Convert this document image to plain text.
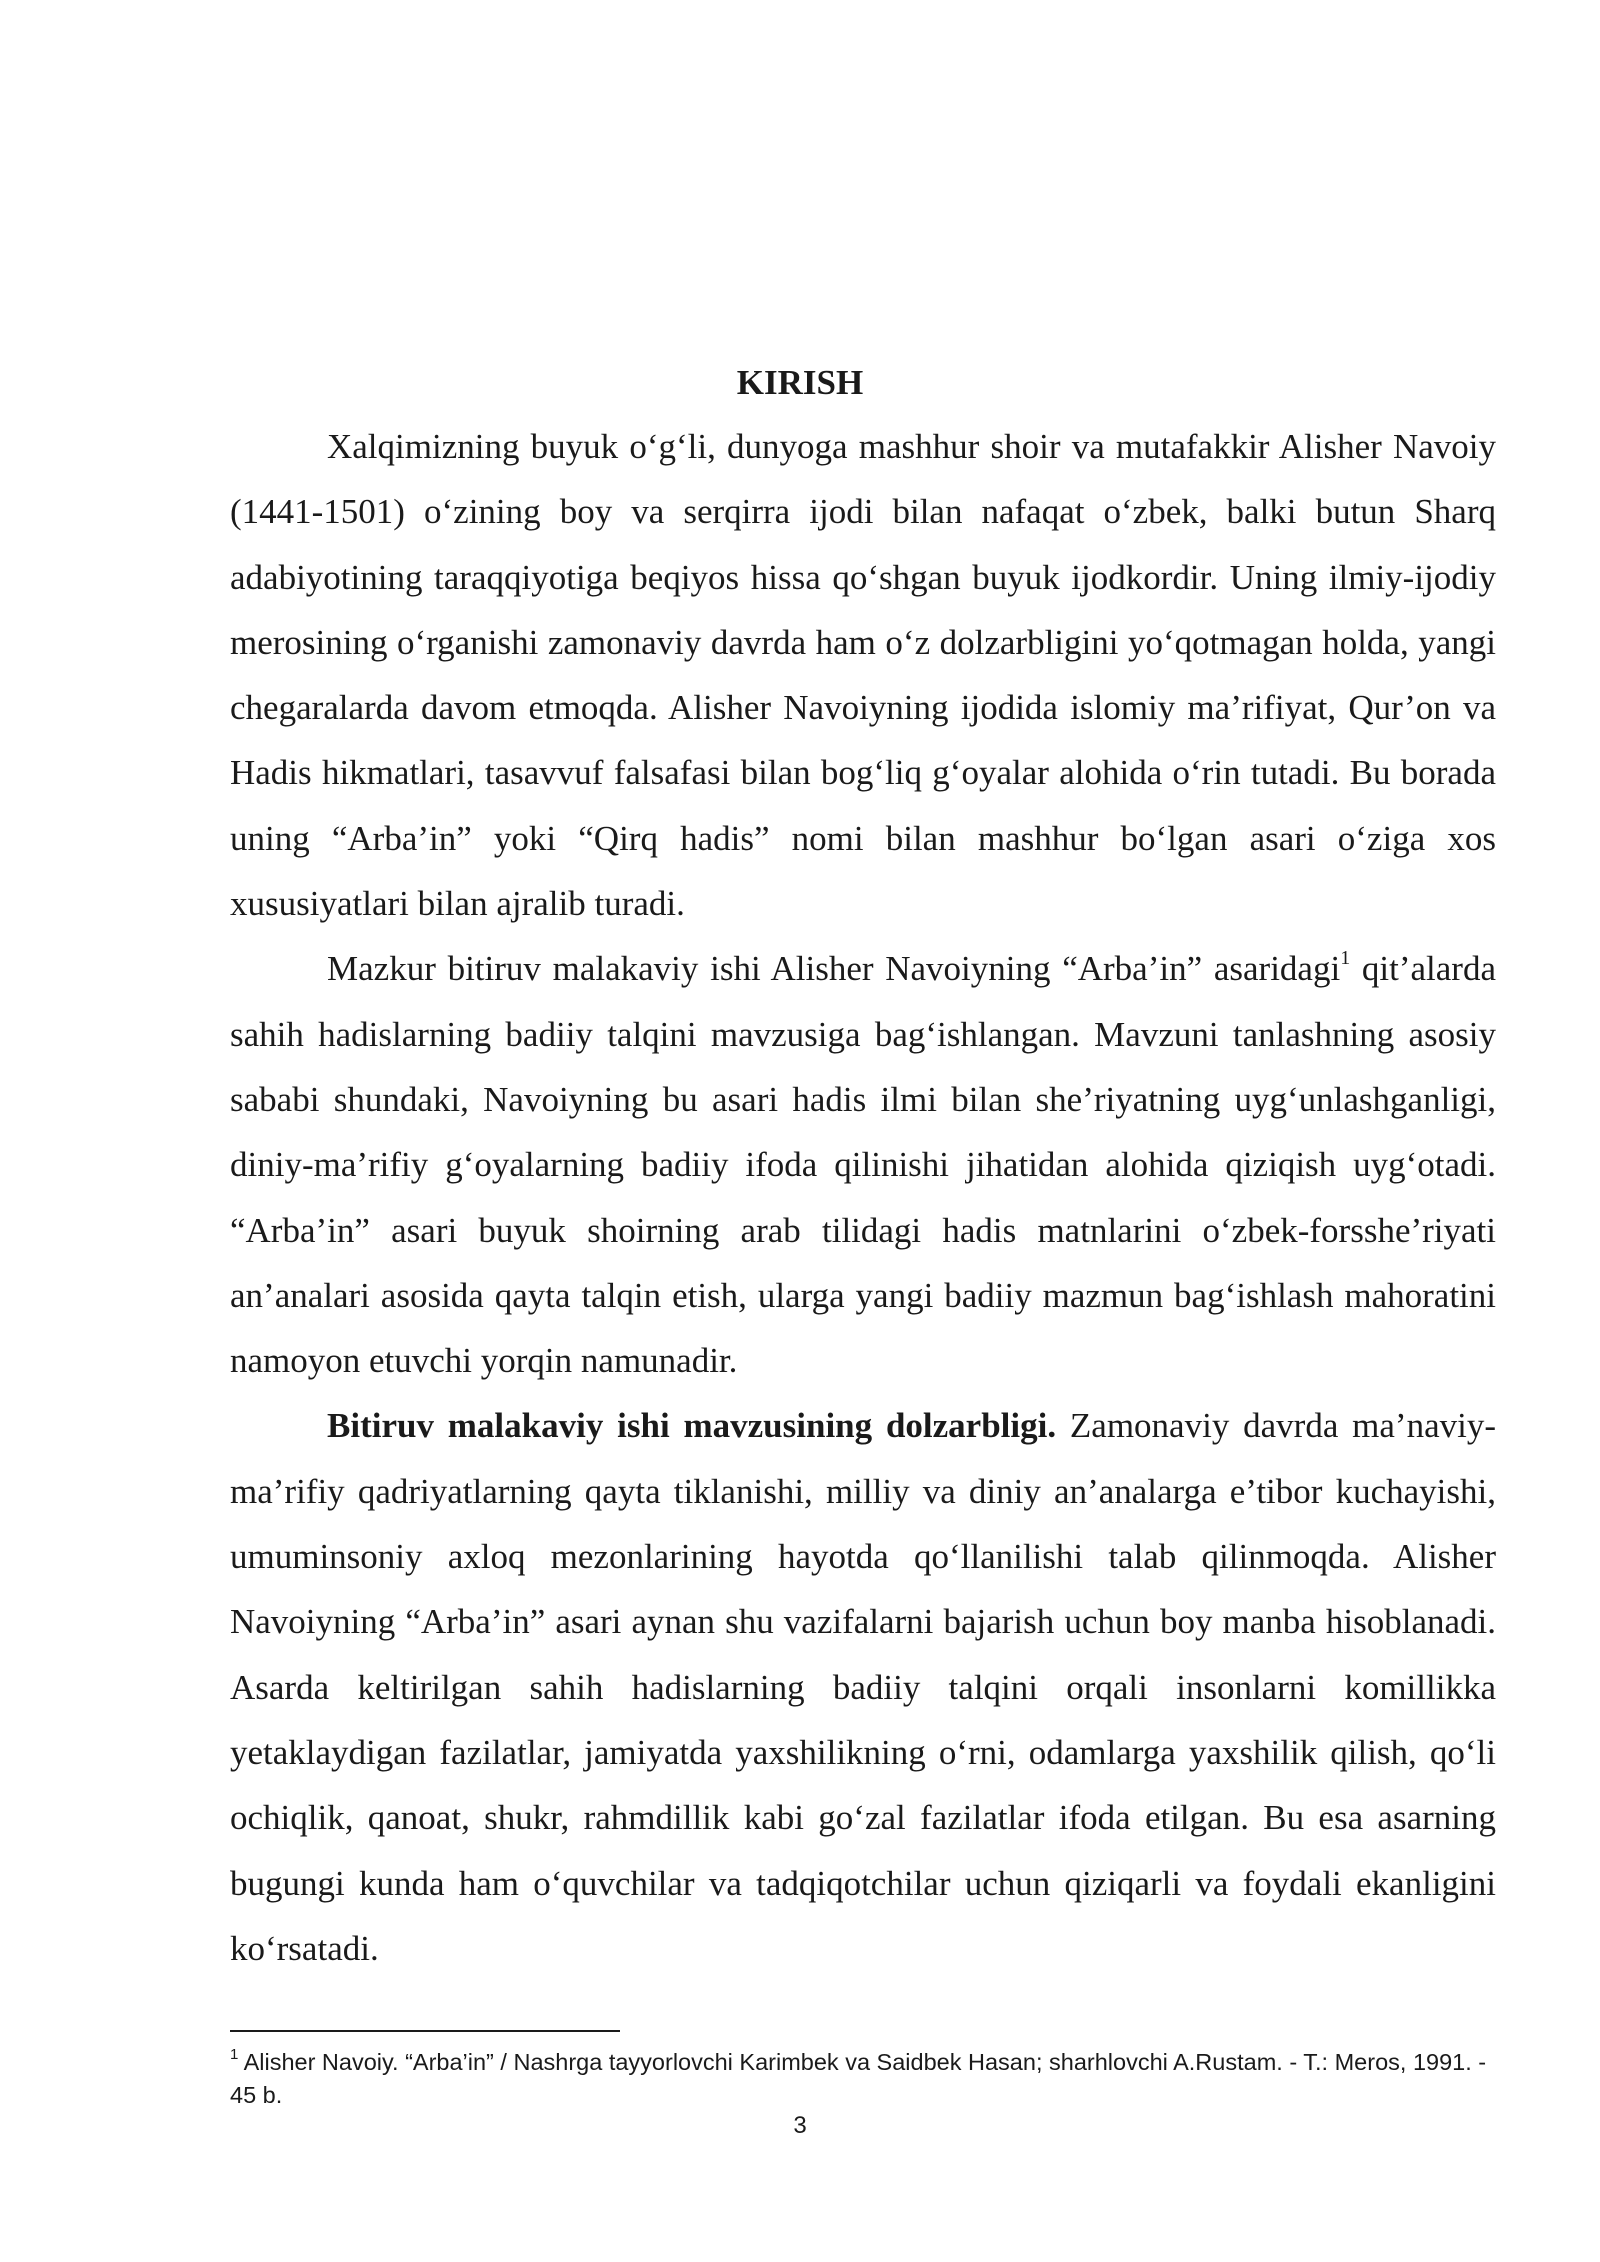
KIRISH

Xalqimizning buyuk o‘g‘li, dunyoga mashhur shoir va mutafakkir Alisher Navoiy (1441-1501) o‘zining boy va serqirra ijodi bilan nafaqat o‘zbek, balki butun Sharq adabiyotining taraqqiyotiga beqiyos hissa qo‘shgan buyuk ijodkordir. Uning ilmiy-ijodiy merosining o‘rganishi zamonaviy davrda ham o‘z dolzarbligini yo‘qotmagan holda, yangi chegaralarda davom etmoqda. Alisher Navoiyning ijodida islomiy ma’rifiyat, Qur’on va Hadis hikmatlari, tasavvuf falsafasi bilan bog‘liq g‘oyalar alohida o‘rin tutadi. Bu borada uning “Arba’in” yoki “Qirq hadis” nomi bilan mashhur bo‘lgan asari o‘ziga xos xususiyatlari bilan ajralib turadi.

Mazkur bitiruv malakaviy ishi Alisher Navoiyning “Arba’in” asaridagi$^1$ qit’alarda sahih hadislarning badiiy talqini mavzusiga bag‘ishlangan. Mavzuni tanlashning asosiy sababi shundaki, Navoiyning bu asari hadis ilmi bilan she’riyatning uyg‘unlashganligi, diniy-ma’rifiy g‘oyalarning badiiy ifoda qilinishi jihatidan alohida qiziqish uyg‘otadi. “Arba’in” asari buyuk shoirning arab tilidagi hadis matnlarini o‘zbek-forsshe’riyati an’analari asosida qayta talqin etish, ularga yangi badiiy mazmun bag‘ishlash mahoratini namoyon etuvchi yorqin namunadir.

Bitiruv malakaviy ishi mavzusining dolzarbligi. Zamonaviy davrda ma’naviy-ma’rifiy qadriyatlarning qayta tiklanishi, milliy va diniy an’analarga e’tibor kuchayishi, umuminsoniy axloq mezonlarining hayotda qo‘llanilishi talab qilinmoqda. Alisher Navoiyning “Arba’in” asari aynan shu vazifalarni bajarish uchun boy manba hisoblanadi. Asarda keltirilgan sahih hadislarning badiiy talqini orqali insonlarni komillikka yetaklaydigan fazilatlar, jamiyatda yaxshilikning o‘rni, odamlarga yaxshilik qilish, qo‘li ochiqlik, qanoat, shukr, rahmdillik kabi go‘zal fazilatlar ifoda etilgan. Bu esa asarning bugungi kunda ham o‘quvchilar va tadqiqotchilar uchun qiziqarli va foydali ekanligini ko‘rsatadi.

$^1$ Alisher Navoiy. “Arba’in” / Nashrga tayyorlovchi Karimbek va Saidbek Hasan; sharhlovchi A.Rustam. - T.: Meros, 1991. - 45 b.
3
